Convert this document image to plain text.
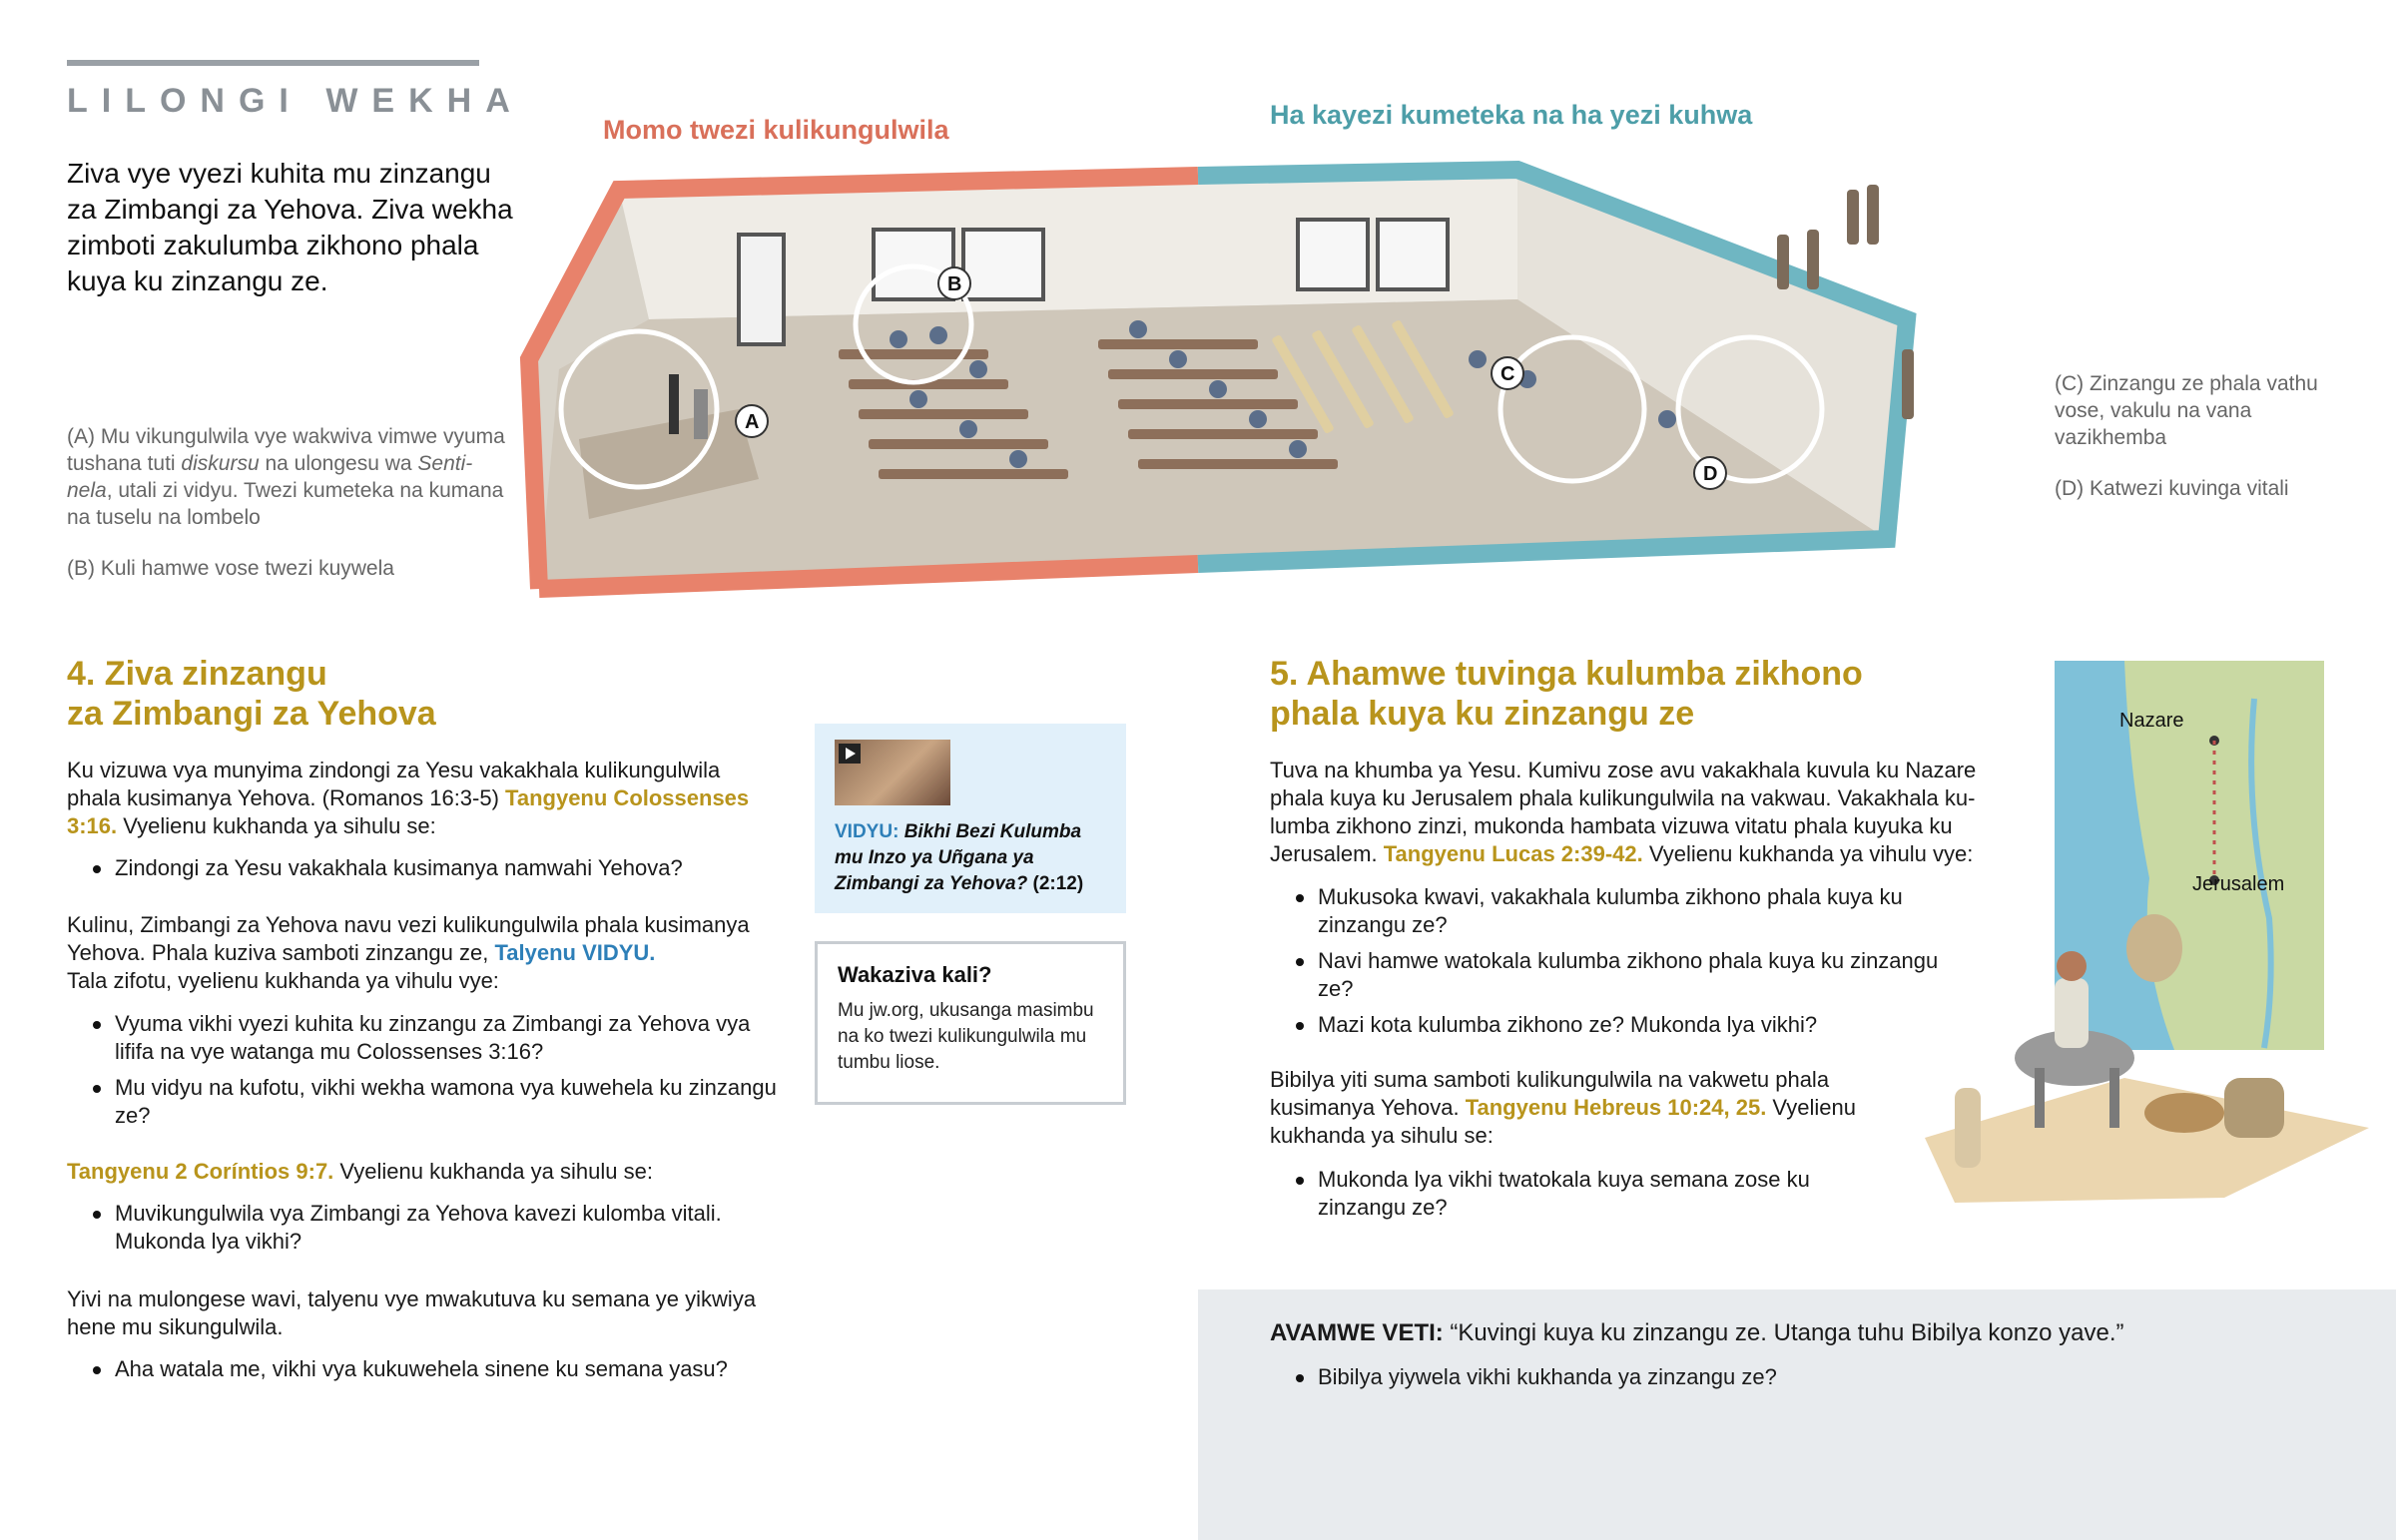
LILONGI WEKHA
Ziva vye vyezi kuhita mu zinzangu za Zimbangi za Yehova. Ziva wekha zimboti zakulumba zikhono phala kuya ku zinzangu ze.
(A) Mu vikungulwila vye wakwiva vimwe vyuma tushana tuti diskursu na ulongesu wa Sentinela, utali zi vidyu. Twezi kumeteka na kumana na tuselu na lombelo
(B) Kuli hamwe vose twezi kuywela
(C) Zinzangu ze phala vathu vose, vakulu na vana vazikhemba
(D) Katwezi kuvinga vitali
Momo twezi kulikungulwila	Ha kayezi kumeteka na ha yezi kuhwa
A
B
C
D
4. Ziva zinzangu
za Zimbangi za Yehova
Ku vizuwa vya munyima zindongi za Yesu vakakhala kulikungulwila phala kusimanya Yehova. (Romanos 16:3-5) Tangyenu Colossenses 3:16. Vyelienu kukhanda ya sihulu se:
Zindongi za Yesu vakakhala kusimanya namwahi Yehova?
Kulinu, Zimbangi za Yehova navu vezi kulikungulwila phala kusimanya Yehova. Phala kuziva samboti zinzangu ze, Talyenu VIDYU.
Tala zifotu, vyelienu kukhanda ya vihulu vye:
Vyuma vikhi vyezi kuhita ku zinzangu za Zimbangi za Yehova vya lififa na vye watanga mu Colossenses 3:16?
Mu vidyu na kufotu, vikhi wekha wamona vya kuwehela ku zinzangu ze?
Tangyenu 2 Coríntios 9:7. Vyelienu kukhanda ya sihulu se:
Muvikungulwila vya Zimbangi za Yehova kavezi kulomba vitali. Mukonda lya vikhi?
Yivi na mulongese wavi, talyenu vye mwakutuva ku semana ye yikwiya hene mu sikungulwila.
Aha watala me, vikhi vya kukuwehela sinene ku semana yasu?
VIDYU: Bikhi Bezi Kulumba mu Inzo ya Uñgana ya Zimbangi za Yehova? (2:12)
Wakaziva kali?

Mu jw.org, ukusanga masimbu na ko twezi kulikungulwila mu tumbu liose.

5. Ahamwe tuvinga kulumba zikhono
phala kuya ku zinzangu ze
Tuva na khumba ya Yesu. Kumivu zose avu vakakhala kuvula ku Nazare phala kuya ku Jerusalem phala kulikungulwila na vakwau. Vakakhala kulumba zikhono zinzi, mukonda hambata vizuwa vitatu phala kuyuka ku Jerusalem. Tangyenu Lucas 2:39-42. Vyelienu kukhanda ya vihulu vye:
Mukusoka kwavi, vakakhala kulumba zikhono phala kuya ku zinzangu ze?
Navi hamwe watokala kulumba zikhono phala kuya ku zinzangu ze?
Mazi kota kulumba zikhono ze? Mukonda lya vikhi?
Bibilya yiti suma samboti kulikungulwila na vakwetu phala kusimanya Yehova. Tangyenu Hebreus 10:24, 25. Vyelienu kukhanda ya sihulu se:
Mukonda lya vikhi twatokala kuya semana zose ku zinzangu ze?
Nazare
Jerusalem
AVAMWE VETI: “Kuvingi kuya ku zinzangu ze. Utanga tuhu Bibilya konzo yave.”
Bibilya yiywela vikhi kukhanda ya zinzangu ze?
